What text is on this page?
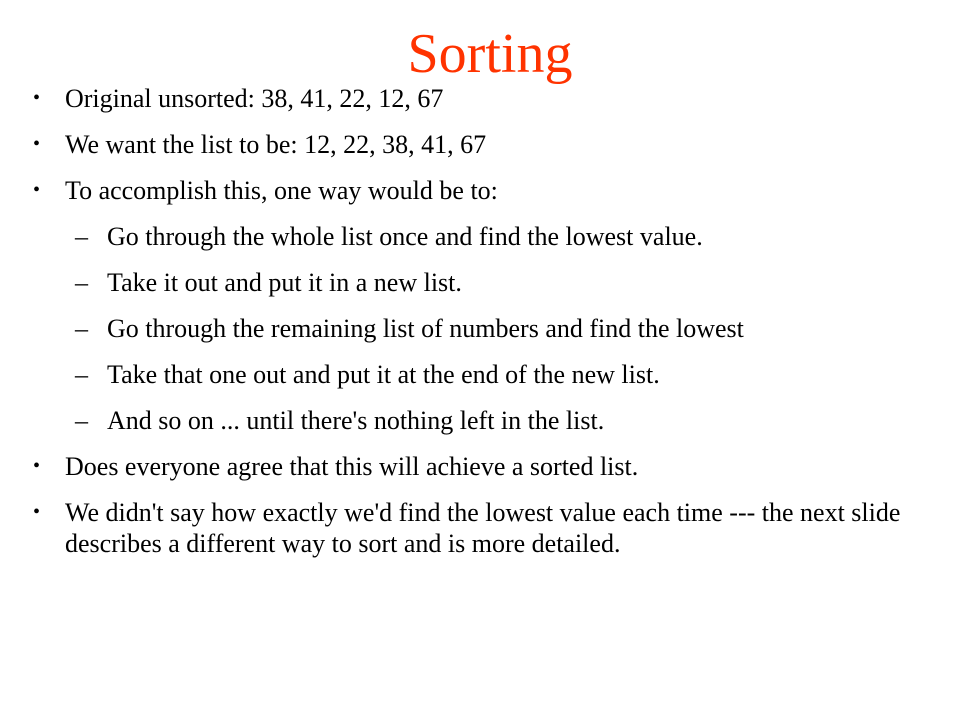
Sorting
• Original unsorted: 38, 41, 22, 12, 67
• We want the list to be: 12, 22, 38, 41, 67
• To accomplish this, one way would be to:
– Go through the whole list once and find the lowest value.
– Take it out and put it in a new list.
– Go through the remaining list of numbers and find the lowest
– Take that one out and put it at the end of the new list.
– And so on ... until there's nothing left in the list.
• Does everyone agree that this will achieve a sorted list.
• We didn't say how exactly we'd find the lowest value each time --- the next slide describes a different way to sort and is more detailed.
